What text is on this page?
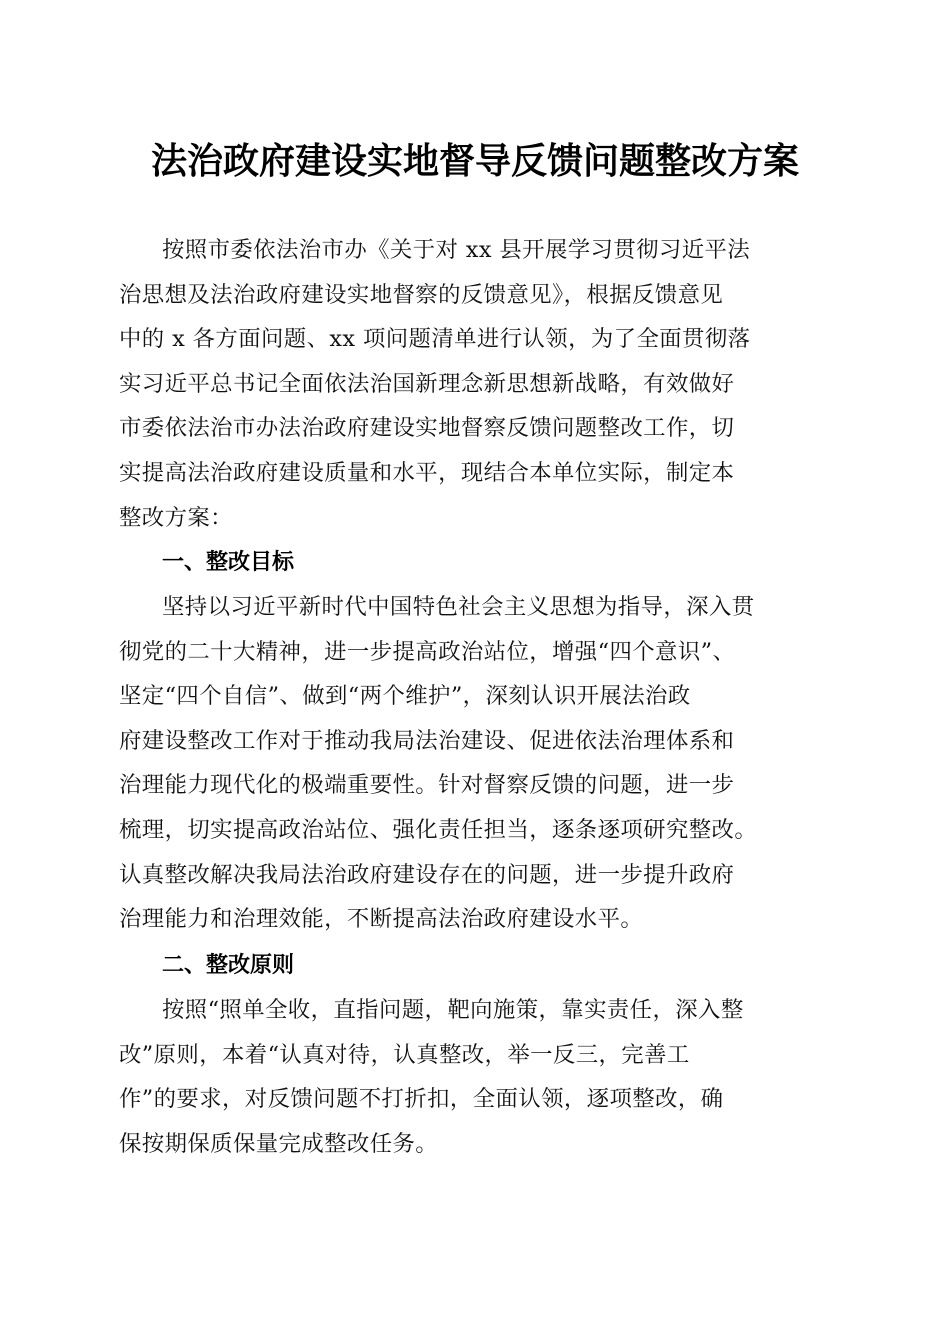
法治政府建设实地督导反馈问题整改方案
按照市委依法治市办《关于对 xx 县开展学习贯彻习近平法
治思想及法治政府建设实地督察的反馈意见》，根据反馈意见
中的 x 各方面问题、xx 项问题清单进行认领，为了全面贯彻落
实习近平总书记全面依法治国新理念新思想新战略，有效做好
市委依法治市办法治政府建设实地督察反馈问题整改工作，切
实提高法治政府建设质量和水平，现结合本单位实际，制定本
整改方案：
一、整改目标
坚持以习近平新时代中国特色社会主义思想为指导，深入贯
彻党的二十大精神，进一步提高政治站位，增强“四个意识”、
坚定“四个自信”、做到“两个维护”，深刻认识开展法治政
府建设整改工作对于推动我局法治建设、促进依法治理体系和
治理能力现代化的极端重要性。针对督察反馈的问题，进一步
梳理，切实提高政治站位、强化责任担当，逐条逐项研究整改。
认真整改解决我局法治政府建设存在的问题，进一步提升政府
治理能力和治理效能，不断提高法治政府建设水平。
二、整改原则
按照“照单全收，直指问题，靶向施策，靠实责任，深入整
改”原则，本着“认真对待，认真整改，举一反三，完善工
作”的要求，对反馈问题不打折扣，全面认领，逐项整改，确
保按期保质保量完成整改任务。
